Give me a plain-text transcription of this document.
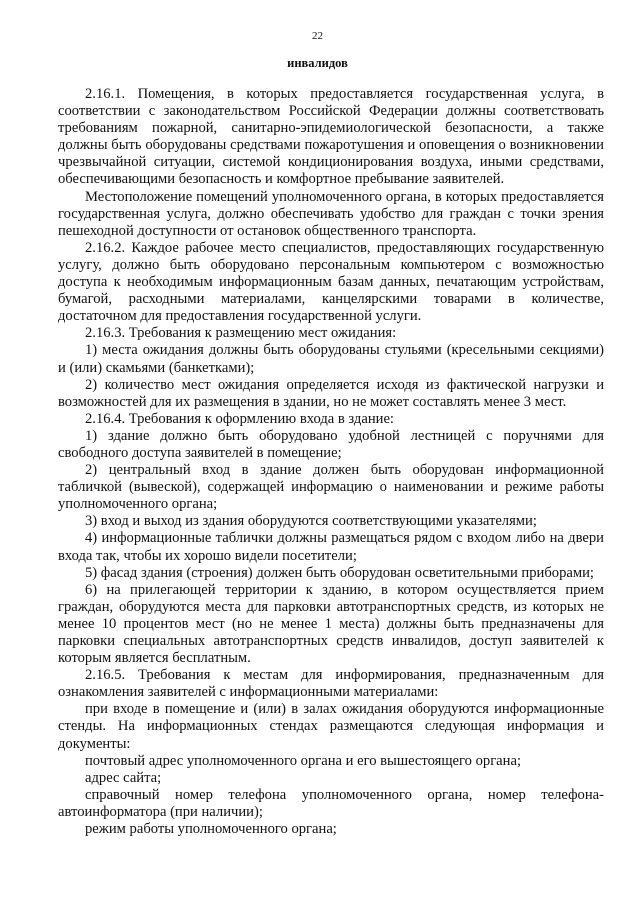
22
инвалидов

2.16.1. Помещения, в которых предоставляется государственная услуга, в соответствии с законодательством Российской Федерации должны соответствовать требованиям пожарной, санитарно-эпидемиологической безопасности, а также должны быть оборудованы средствами пожаротушения и оповещения о возникновении чрезвычайной ситуации, системой кондиционирования воздуха, иными средствами, обеспечивающими безопасность и комфортное пребывание заявителей.

Местоположение помещений уполномоченного органа, в которых предоставляется государственная услуга, должно обеспечивать удобство для граждан с точки зрения пешеходной доступности от остановок общественного транспорта.

2.16.2. Каждое рабочее место специалистов, предоставляющих государственную услугу, должно быть оборудовано персональным компьютером с возможностью доступа к необходимым информационным базам данных, печатающим устройствам, бумагой, расходными материалами, канцелярскими товарами в количестве, достаточном для предоставления государственной услуги.

2.16.3. Требования к размещению мест ожидания:

1) места ожидания должны быть оборудованы стульями (кресельными секциями) и (или) скамьями (банкетками);

2) количество мест ожидания определяется исходя из фактической нагрузки и возможностей для их размещения в здании, но не может составлять менее 3 мест.

2.16.4. Требования к оформлению входа в здание:

1) здание должно быть оборудовано удобной лестницей с поручнями для свободного доступа заявителей в помещение;

2) центральный вход в здание должен быть оборудован информационной табличкой (вывеской), содержащей информацию о наименовании и режиме работы уполномоченного органа;

3) вход и выход из здания оборудуются соответствующими указателями;

4) информационные таблички должны размещаться рядом с входом либо на двери входа так, чтобы их хорошо видели посетители;

5) фасад здания (строения) должен быть оборудован осветительными приборами;

6) на прилегающей территории к зданию, в котором осуществляется прием граждан, оборудуются места для парковки автотранспортных средств, из которых не менее 10 процентов мест (но не менее 1 места) должны быть предназначены для парковки специальных автотранспортных средств инвалидов, доступ заявителей к которым является бесплатным.

2.16.5. Требования к местам для информирования, предназначенным для ознакомления заявителей с информационными материалами:

при входе в помещение и (или) в залах ожидания оборудуются информационные стенды. На информационных стендах размещаются следующая информация и документы:

почтовый адрес уполномоченного органа и его вышестоящего органа;

адрес сайта;

справочный номер телефона уполномоченного органа, номер телефона-автоинформатора (при наличии);

режим работы уполномоченного органа;
